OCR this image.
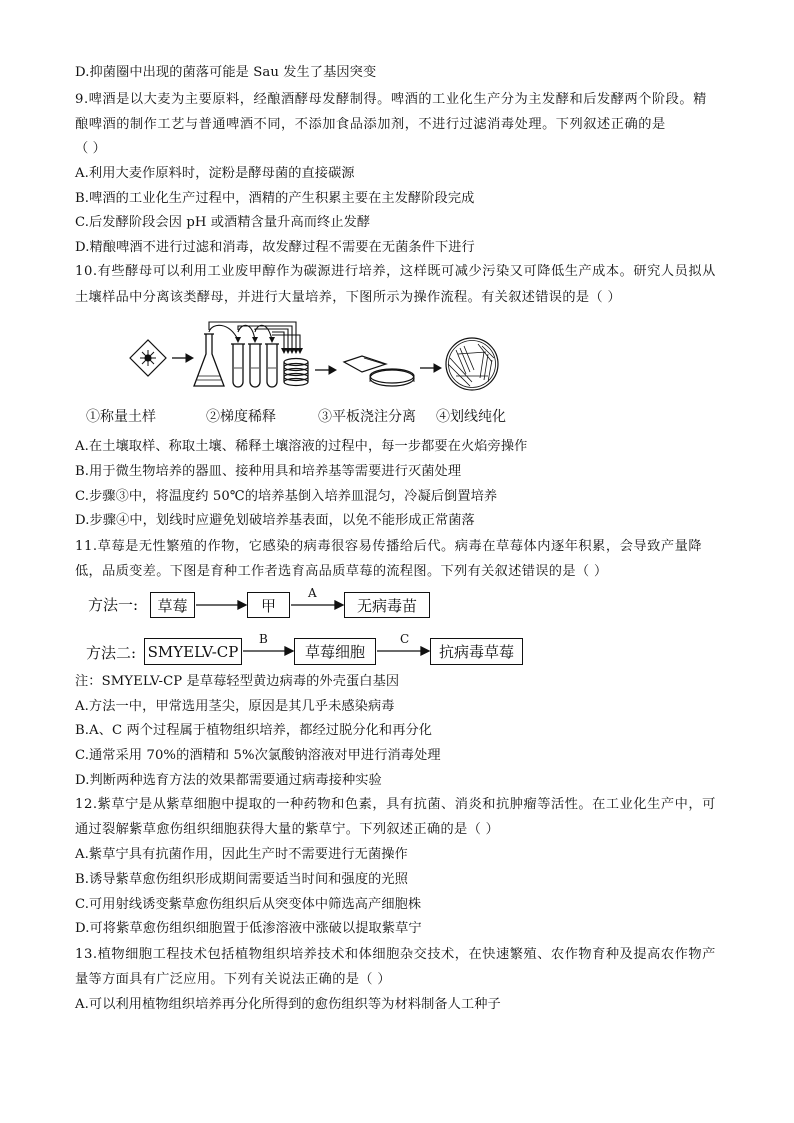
D.抑菌圈中出现的菌落可能是 Sau 发生了基因突变
9.啤酒是以大麦为主要原料，经酿酒酵母发酵制得。啤酒的工业化生产分为主发酵和后发酵两个阶段。精
酿啤酒的制作工艺与普通啤酒不同，不添加食品添加剂，不进行过滤消毒处理。下列叙述正确的是
（ ）
A.利用大麦作原料时，淀粉是酵母菌的直接碳源
B.啤酒的工业化生产过程中，酒精的产生积累主要在主发酵阶段完成
C.后发酵阶段会因 pH 或酒精含量升高而终止发酵
D.精酿啤酒不进行过滤和消毒，故发酵过程不需要在无菌条件下进行
10.有些酵母可以利用工业废甲醇作为碳源进行培养，这样既可减少污染又可降低生产成本。研究人员拟从
土壤样品中分离该类酵母，并进行大量培养，下图所示为操作流程。有关叙述错误的是（ ）
①称量土样	②梯度稀释	③平板浇注分离 ④划线纯化
A.在土壤取样、称取土壤、稀释土壤溶液的过程中，每一步都要在火焰旁操作
B.用于微生物培养的器皿、接种用具和培养基等需要进行灭菌处理
C.步骤③中，将温度约 50℃的培养基倒入培养皿混匀，冷凝后倒置培养
D.步骤④中，划线时应避免划破培养基表面，以免不能形成正常菌落
11.草莓是无性繁殖的作物，它感染的病毒很容易传播给后代。病毒在草莓体内逐年积累，会导致产量降
低，品质变差。下图是育种工作者选育高品质草莓的流程图。下列有关叙述错误的是（ ）
方法一:	草莓	甲	无病毒苗
A
方法二: SMYELV-CP	草莓细胞	抗病毒草莓
B	C
注：SMYELV-CP 是草莓轻型黄边病毒的外壳蛋白基因
A.方法一中，甲常选用茎尖，原因是其几乎未感染病毒
B.A、C 两个过程属于植物组织培养，都经过脱分化和再分化
C.通常采用 70%的酒精和 5%次氯酸钠溶液对甲进行消毒处理
D.判断两种选育方法的效果都需要通过病毒接种实验
12.紫草宁是从紫草细胞中提取的一种药物和色素，具有抗菌、消炎和抗肿瘤等活性。在工业化生产中，可
通过裂解紫草愈伤组织细胞获得大量的紫草宁。下列叙述正确的是（ ）
A.紫草宁具有抗菌作用，因此生产时不需要进行无菌操作
B.诱导紫草愈伤组织形成期间需要适当时间和强度的光照
C.可用射线诱变紫草愈伤组织后从突变体中筛选高产细胞株
D.可将紫草愈伤组织细胞置于低渗溶液中涨破以提取紫草宁
13.植物细胞工程技术包括植物组织培养技术和体细胞杂交技术，在快速繁殖、农作物育种及提高农作物产
量等方面具有广泛应用。下列有关说法正确的是（ ）
A.可以利用植物组织培养再分化所得到的愈伤组织等为材料制备人工种子
